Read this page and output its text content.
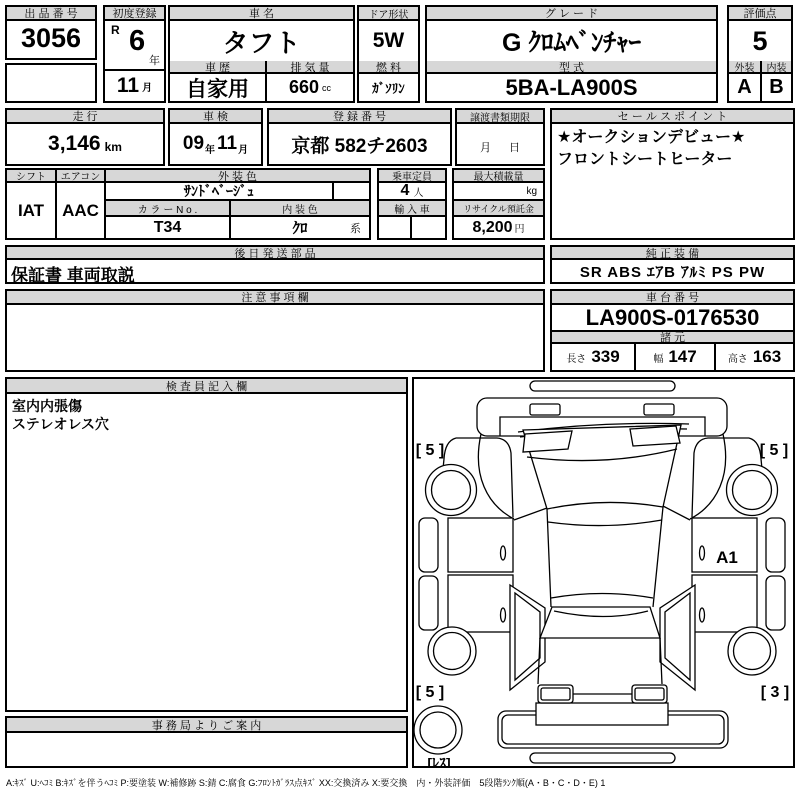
出 品 番 号
3056
初度登録
R 6
年
11 月
車 名
タフト
車 歴	排 気 量
自家用	660 cc
ドア形状
5W
燃 料
ｶﾞｿﾘﾝ
グ レ ー ド
G ｸﾛﾑﾍﾞﾝﾁｬｰ
型 式
5BA-LA900S
評価点
5
外装 内装
A B
走 行
3,146 km
車 検
09 年 11 月
登 録 番 号
京都 582チ2603
譲渡書類期限
月 日
セ ー ル ス ポ イ ン ト
★オークションデビュー★
フロントシートヒーター
シフト エアコン
IAT	AAC
外 装 色
ｻﾝﾄﾞﾍﾞｰｼﾞｭ
カ ラ ー N o .	内 装 色
T34	ｸﾛ	系
乗車定員
4 人
輸 入 車
最大積載量
kg
リサイクル預託金
8,200 円
後 日 発 送 部 品
保証書 車両取説
純 正 装 備
SR ABS ｴｱB ｱﾙﾐ PS PW
注 意 事 項 欄	車 台 番 号
LA900S-0176530
諸 元
長さ 339	幅 147	高さ 163
検 査 員 記 入 欄
室内内張傷
ステレオレス穴
事 務 局 よ り ご 案 内
[ 5 ]	[ 5 ]
A1
[ 5 ]	[ 3 ]
[ﾚｽ]
A:ｷｽﾞ U:ﾍｺﾐ B:ｷｽﾞを伴うﾍｺﾐ P:要塗装 W:補修跡 S:錆 C:腐食 G:ﾌﾛﾝﾄｶﾞﾗｽ点ｷｽﾞ XX:交換済み X:要交換　内・外装評価　5段階ﾗﾝｸ順(A・B・C・D・E) 1
